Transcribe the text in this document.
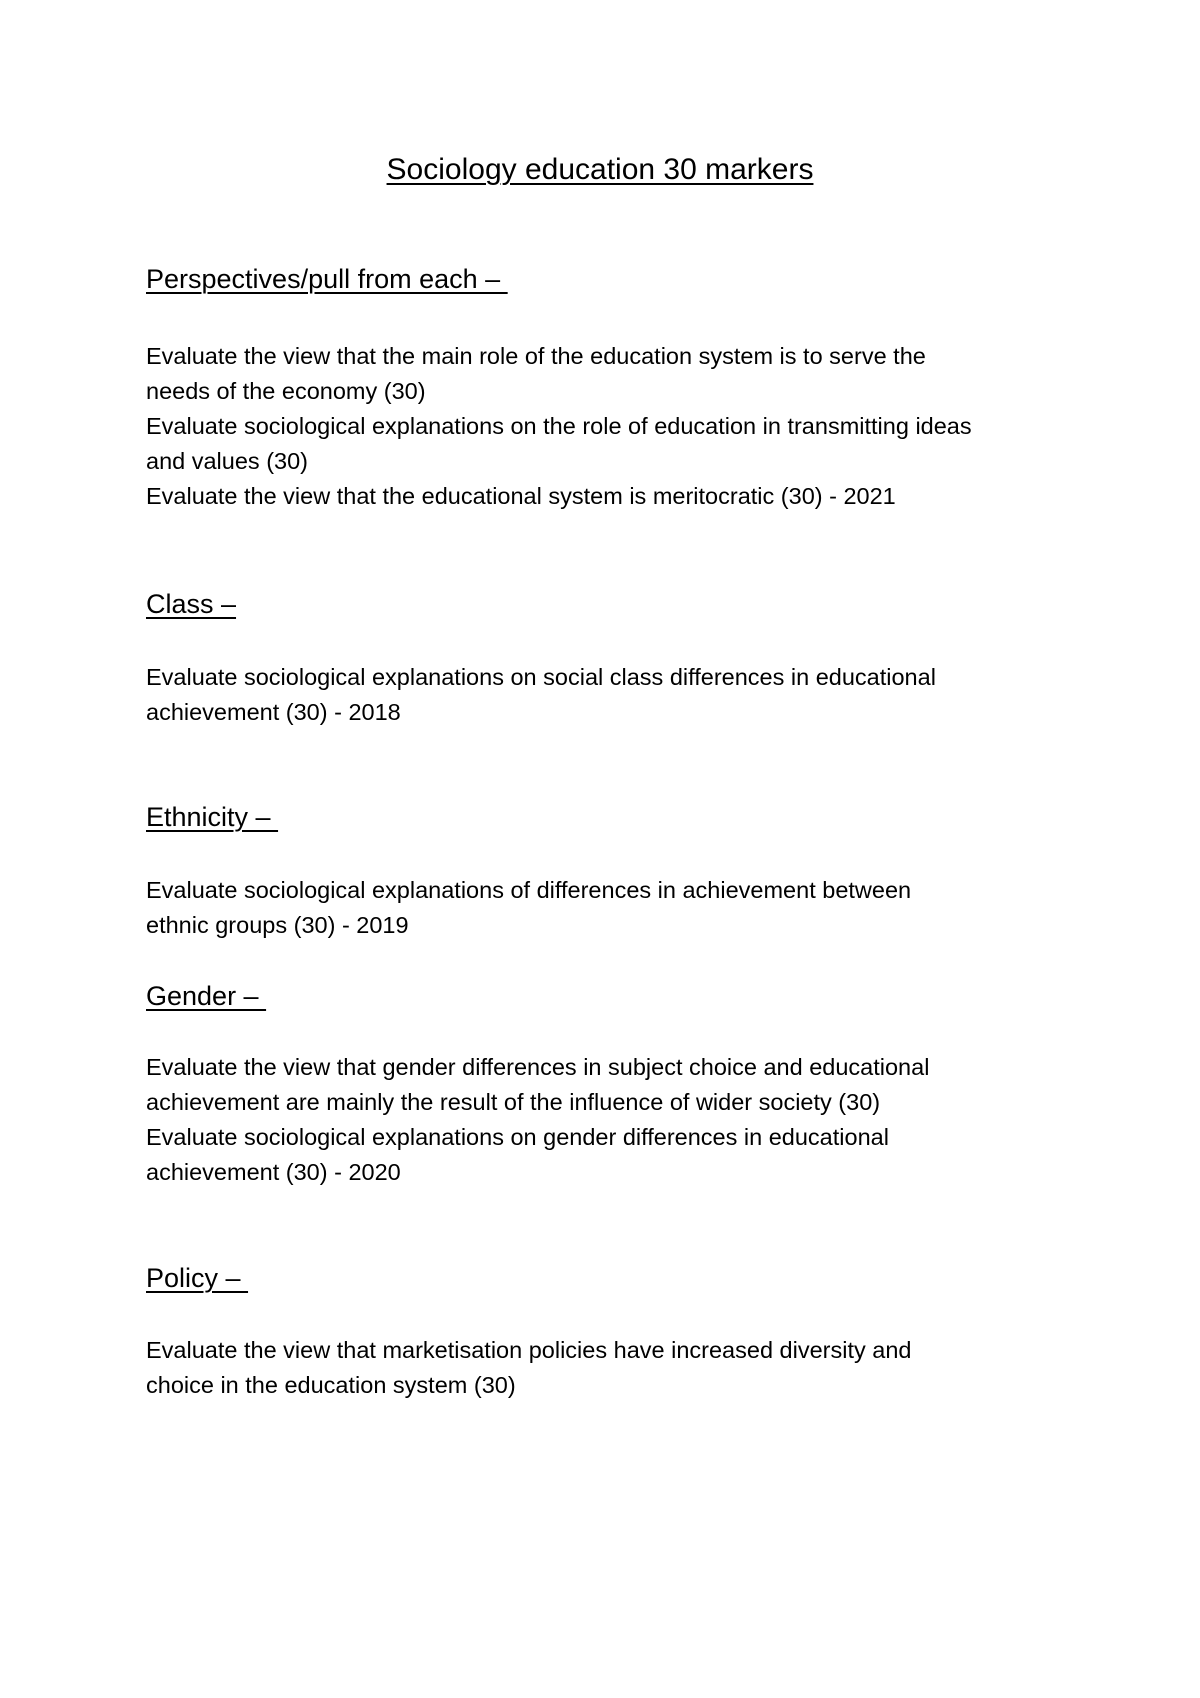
Sociology education 30 markers
Perspectives/pull from each –
Evaluate the view that the main role of the education system is to serve the
needs of the economy (30)
Evaluate sociological explanations on the role of education in transmitting ideas
and values (30)
Evaluate the view that the educational system is meritocratic (30) - 2021
Class –
Evaluate sociological explanations on social class differences in educational
achievement (30) - 2018
Ethnicity –
Evaluate sociological explanations of differences in achievement between
ethnic groups (30) - 2019
Gender –
Evaluate the view that gender differences in subject choice and educational
achievement are mainly the result of the influence of wider society (30)
Evaluate sociological explanations on gender differences in educational
achievement (30) - 2020
Policy –
Evaluate the view that marketisation policies have increased diversity and
choice in the education system (30)
